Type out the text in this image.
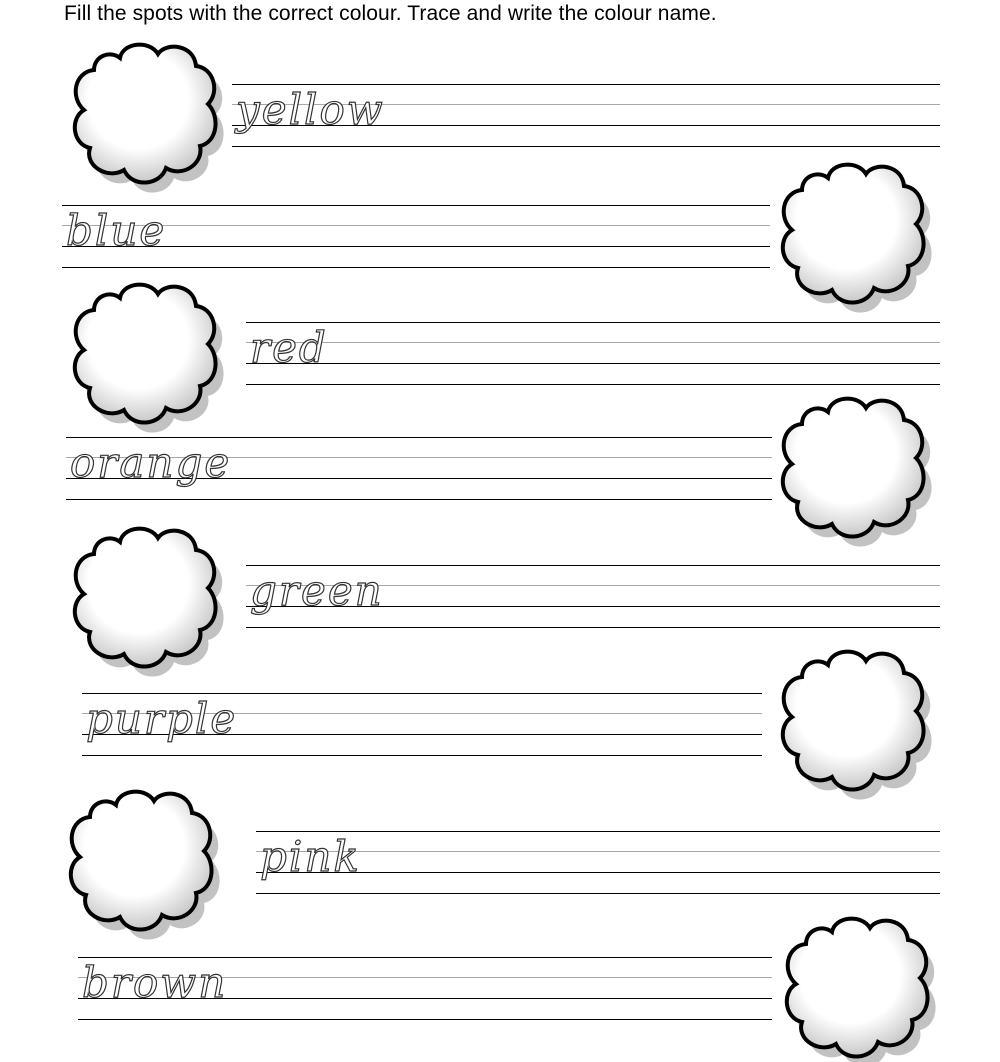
Fill the spots with the correct colour. Trace and write the colour name.
yellow
blue
red
orange
green
purple
pink
brown
